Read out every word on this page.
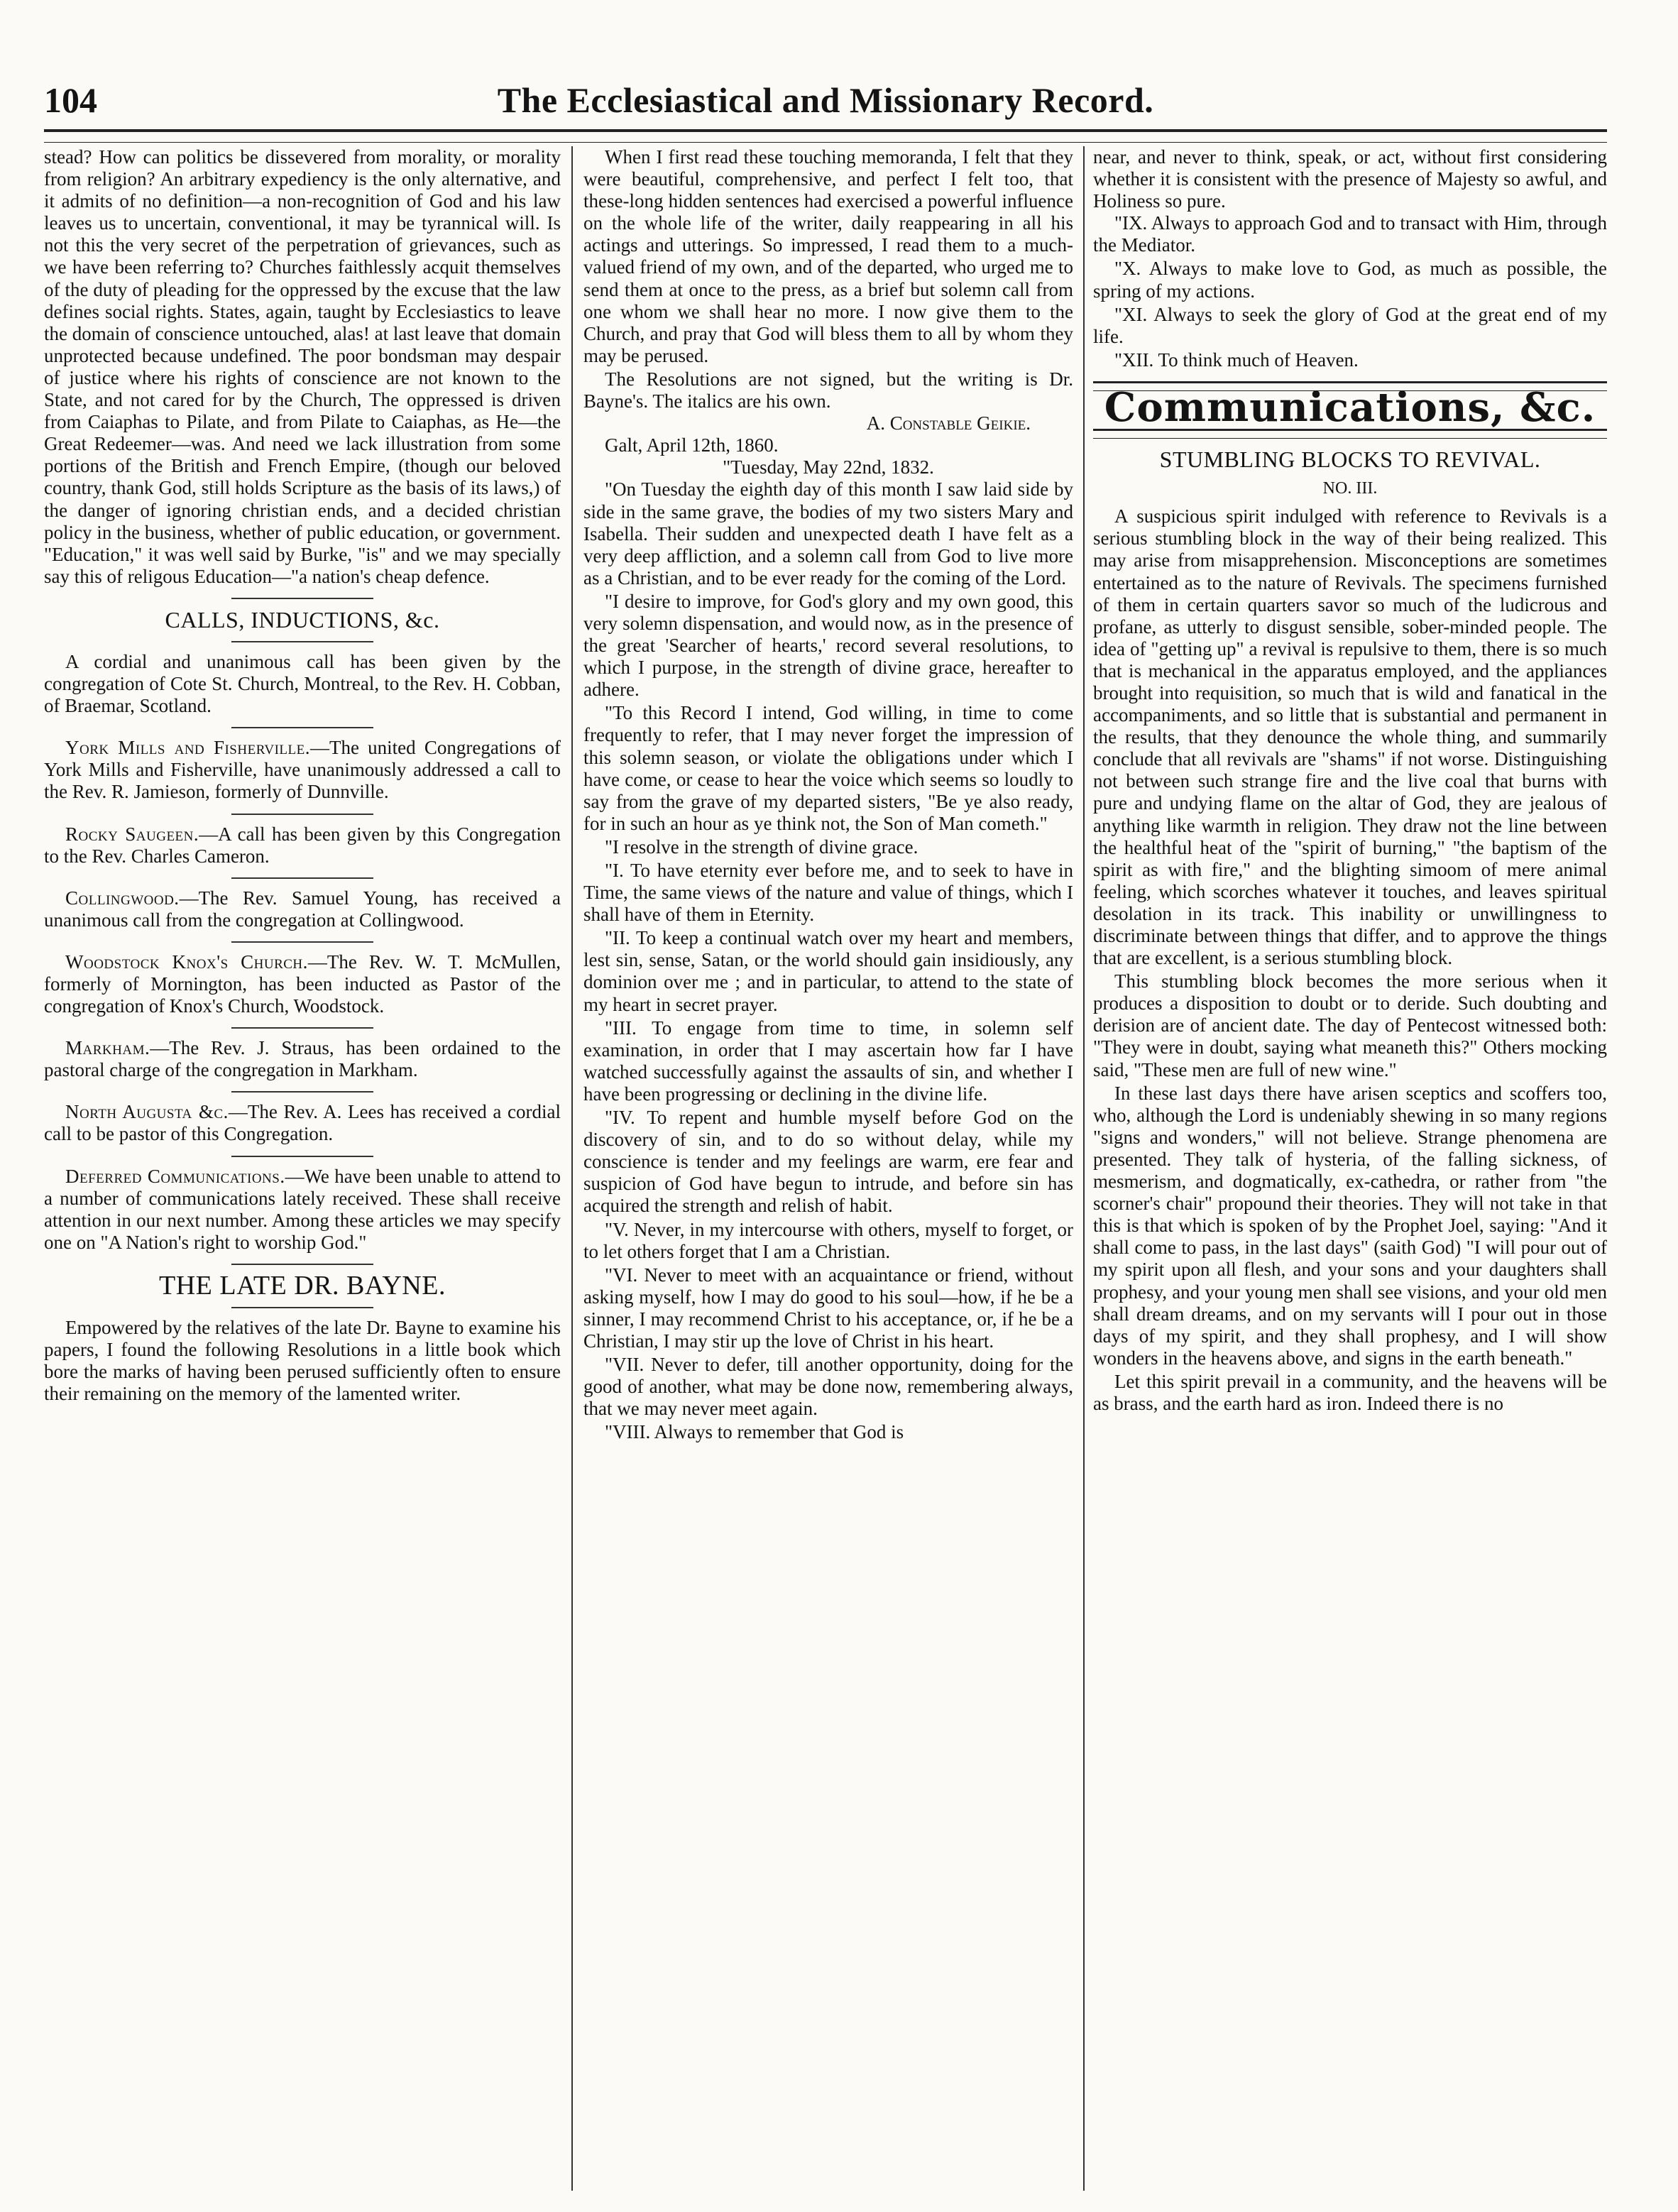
104	The Ecclesiastical and Missionary Record.

stead? How can politics be dissevered from morality, or morality from religion? An arbitrary expediency is the only alternative, and it admits of no definition—a non-recognition of God and his law leaves us to uncertain, conventional, it may be tyrannical will. Is not this the very secret of the perpetration of grievances, such as we have been referring to? Churches faithlessly acquit themselves of the duty of pleading for the oppressed by the excuse that the law defines social rights. States, again, taught by Ecclesiastics to leave the domain of conscience untouched, alas! at last leave that domain unprotected because undefined. The poor bondsman may despair of justice where his rights of conscience are not known to the State, and not cared for by the Church, The oppressed is driven from Caiaphas to Pilate, and from Pilate to Caiaphas, as He—the Great Redeemer—was. And need we lack illustration from some portions of the British and French Empire, (though our beloved country, thank God, still holds Scripture as the basis of its laws,) of the danger of ignoring christian ends, and a decided christian policy in the business, whether of public education, or government. "Education," it was well said by Burke, "is" and we may specially say this of religous Education—"a nation's cheap defence.

CALLS, INDUCTIONS, &c.

A cordial and unanimous call has been given by the congregation of Cote St. Church, Montreal, to the Rev. H. Cobban, of Braemar, Scotland.

York Mills and Fisherville.—The united Congregations of York Mills and Fisherville, have unanimously addressed a call to the Rev. R. Jamieson, formerly of Dunnville.

Rocky Saugeen.—A call has been given by this Congregation to the Rev. Charles Cameron.

Collingwood.—The Rev. Samuel Young, has received a unanimous call from the congregation at Collingwood.

Woodstock Knox's Church.—The Rev. W. T. McMullen, formerly of Mornington, has been inducted as Pastor of the congregation of Knox's Church, Woodstock.

Markham.—The Rev. J. Straus, has been ordained to the pastoral charge of the congregation in Markham.

North Augusta &c.—The Rev. A. Lees has received a cordial call to be pastor of this Congregation.

Deferred Communications.—We have been unable to attend to a number of communications lately received. These shall receive attention in our next number. Among these articles we may specify one on "A Nation's right to worship God."

THE LATE DR. BAYNE.

Empowered by the relatives of the late Dr. Bayne to examine his papers, I found the following Resolutions in a little book which bore the marks of having been perused sufficiently often to ensure their remaining on the memory of the lamented writer.

When I first read these touching memoranda, I felt that they were beautiful, comprehensive, and perfect I felt too, that these-long hidden sentences had exercised a powerful influence on the whole life of the writer, daily reappearing in all his actings and utterings. So impressed, I read them to a much-valued friend of my own, and of the departed, who urged me to send them at once to the press, as a brief but solemn call from one whom we shall hear no more. I now give them to the Church, and pray that God will bless them to all by whom they may be perused.

The Resolutions are not signed, but the writing is Dr. Bayne's. The italics are his own.

A. Constable Geikie.

Galt, April 12th, 1860.

"Tuesday, May 22nd, 1832.

"On Tuesday the eighth day of this month I saw laid side by side in the same grave, the bodies of my two sisters Mary and Isabella. Their sudden and unexpected death I have felt as a very deep affliction, and a solemn call from God to live more as a Christian, and to be ever ready for the coming of the Lord.

"I desire to improve, for God's glory and my own good, this very solemn dispensation, and would now, as in the presence of the great 'Searcher of hearts,' record several resolutions, to which I purpose, in the strength of divine grace, hereafter to adhere.

"To this Record I intend, God willing, in time to come frequently to refer, that I may never forget the impression of this solemn season, or violate the obligations under which I have come, or cease to hear the voice which seems so loudly to say from the grave of my departed sisters, "Be ye also ready, for in such an hour as ye think not, the Son of Man cometh."

"I resolve in the strength of divine grace.

"I. To have eternity ever before me, and to seek to have in Time, the same views of the nature and value of things, which I shall have of them in Eternity.

"II. To keep a continual watch over my heart and members, lest sin, sense, Satan, or the world should gain insidiously, any dominion over me ; and in particular, to attend to the state of my heart in secret prayer.

"III. To engage from time to time, in solemn self examination, in order that I may ascertain how far I have watched successfully against the assaults of sin, and whether I have been progressing or declining in the divine life.

"IV. To repent and humble myself before God on the discovery of sin, and to do so without delay, while my conscience is tender and my feelings are warm, ere fear and suspicion of God have begun to intrude, and before sin has acquired the strength and relish of habit.

"V. Never, in my intercourse with others, myself to forget, or to let others forget that I am a Christian.

"VI. Never to meet with an acquaintance or friend, without asking myself, how I may do good to his soul—how, if he be a sinner, I may recommend Christ to his acceptance, or, if he be a Christian, I may stir up the love of Christ in his heart.

"VII. Never to defer, till another opportunity, doing for the good of another, what may be done now, remembering always, that we may never meet again.

"VIII. Always to remember that God is

near, and never to think, speak, or act, without first considering whether it is consistent with the presence of Majesty so awful, and Holiness so pure.

"IX. Always to approach God and to transact with Him, through the Mediator.

"X. Always to make love to God, as much as possible, the spring of my actions.

"XI. Always to seek the glory of God at the great end of my life.

"XII. To think much of Heaven.

Communications, &c.
STUMBLING BLOCKS TO REVIVAL.
NO. III.

A suspicious spirit indulged with reference to Revivals is a serious stumbling block in the way of their being realized. This may arise from misapprehension. Misconceptions are sometimes entertained as to the nature of Revivals. The specimens furnished of them in certain quarters savor so much of the ludicrous and profane, as utterly to disgust sensible, sober-minded people. The idea of "getting up" a revival is repulsive to them, there is so much that is mechanical in the apparatus employed, and the appliances brought into requisition, so much that is wild and fanatical in the accompaniments, and so little that is substantial and permanent in the results, that they denounce the whole thing, and summarily conclude that all revivals are "shams" if not worse. Distinguishing not between such strange fire and the live coal that burns with pure and undying flame on the altar of God, they are jealous of anything like warmth in religion. They draw not the line between the healthful heat of the "spirit of burning," "the baptism of the spirit as with fire," and the blighting simoom of mere animal feeling, which scorches whatever it touches, and leaves spiritual desolation in its track. This inability or unwillingness to discriminate between things that differ, and to approve the things that are excellent, is a serious stumbling block.

This stumbling block becomes the more serious when it produces a disposition to doubt or to deride. Such doubting and derision are of ancient date. The day of Pentecost witnessed both: "They were in doubt, saying what meaneth this?" Others mocking said, "These men are full of new wine."

In these last days there have arisen sceptics and scoffers too, who, although the Lord is undeniably shewing in so many regions "signs and wonders," will not believe. Strange phenomena are presented. They talk of hysteria, of the falling sickness, of mesmerism, and dogmatically, ex-cathedra, or rather from "the scorner's chair" propound their theories. They will not take in that this is that which is spoken of by the Prophet Joel, saying: "And it shall come to pass, in the last days" (saith God) "I will pour out of my spirit upon all flesh, and your sons and your daughters shall prophesy, and your young men shall see visions, and your old men shall dream dreams, and on my servants will I pour out in those days of my spirit, and they shall prophesy, and I will show wonders in the heavens above, and signs in the earth beneath."

Let this spirit prevail in a community, and the heavens will be as brass, and the earth hard as iron. Indeed there is no
